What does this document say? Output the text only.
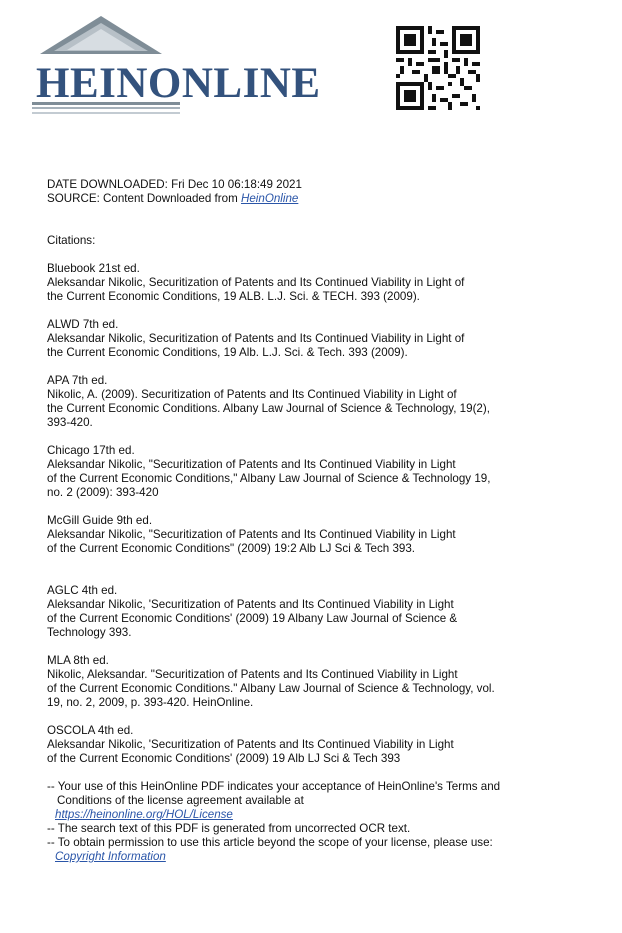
HEINONLINE
DATE DOWNLOADED: Fri Dec 10 06:18:49 2021
SOURCE: Content Downloaded from HeinOnline
Citations:
Bluebook 21st ed.
Aleksandar Nikolic, Securitization of Patents and Its Continued Viability in Light of
the Current Economic Conditions, 19 ALB. L.J. Sci. & TECH. 393 (2009).
ALWD 7th ed.
Aleksandar Nikolic, Securitization of Patents and Its Continued Viability in Light of
the Current Economic Conditions, 19 Alb. L.J. Sci. & Tech. 393 (2009).
APA 7th ed.
Nikolic, A. (2009). Securitization of Patents and Its Continued Viability in Light of
the Current Economic Conditions. Albany Law Journal of Science & Technology, 19(2),
393-420.
Chicago 17th ed.
Aleksandar Nikolic, "Securitization of Patents and Its Continued Viability in Light
of the Current Economic Conditions," Albany Law Journal of Science & Technology 19,
no. 2 (2009): 393-420
McGill Guide 9th ed.
Aleksandar Nikolic, "Securitization of Patents and Its Continued Viability in Light
of the Current Economic Conditions" (2009) 19:2 Alb LJ Sci & Tech 393.
AGLC 4th ed.
Aleksandar Nikolic, 'Securitization of Patents and Its Continued Viability in Light
of the Current Economic Conditions' (2009) 19 Albany Law Journal of Science &
Technology 393.
MLA 8th ed.
Nikolic, Aleksandar. "Securitization of Patents and Its Continued Viability in Light
of the Current Economic Conditions." Albany Law Journal of Science & Technology, vol.
19, no. 2, 2009, p. 393-420. HeinOnline.
OSCOLA 4th ed.
Aleksandar Nikolic, 'Securitization of Patents and Its Continued Viability in Light
of the Current Economic Conditions' (2009) 19 Alb LJ Sci & Tech 393
-- Your use of this HeinOnline PDF indicates your acceptance of HeinOnline's Terms and
Conditions of the license agreement available at
https://heinonline.org/HOL/License
-- The search text of this PDF is generated from uncorrected OCR text.
-- To obtain permission to use this article beyond the scope of your license, please use:
Copyright Information
